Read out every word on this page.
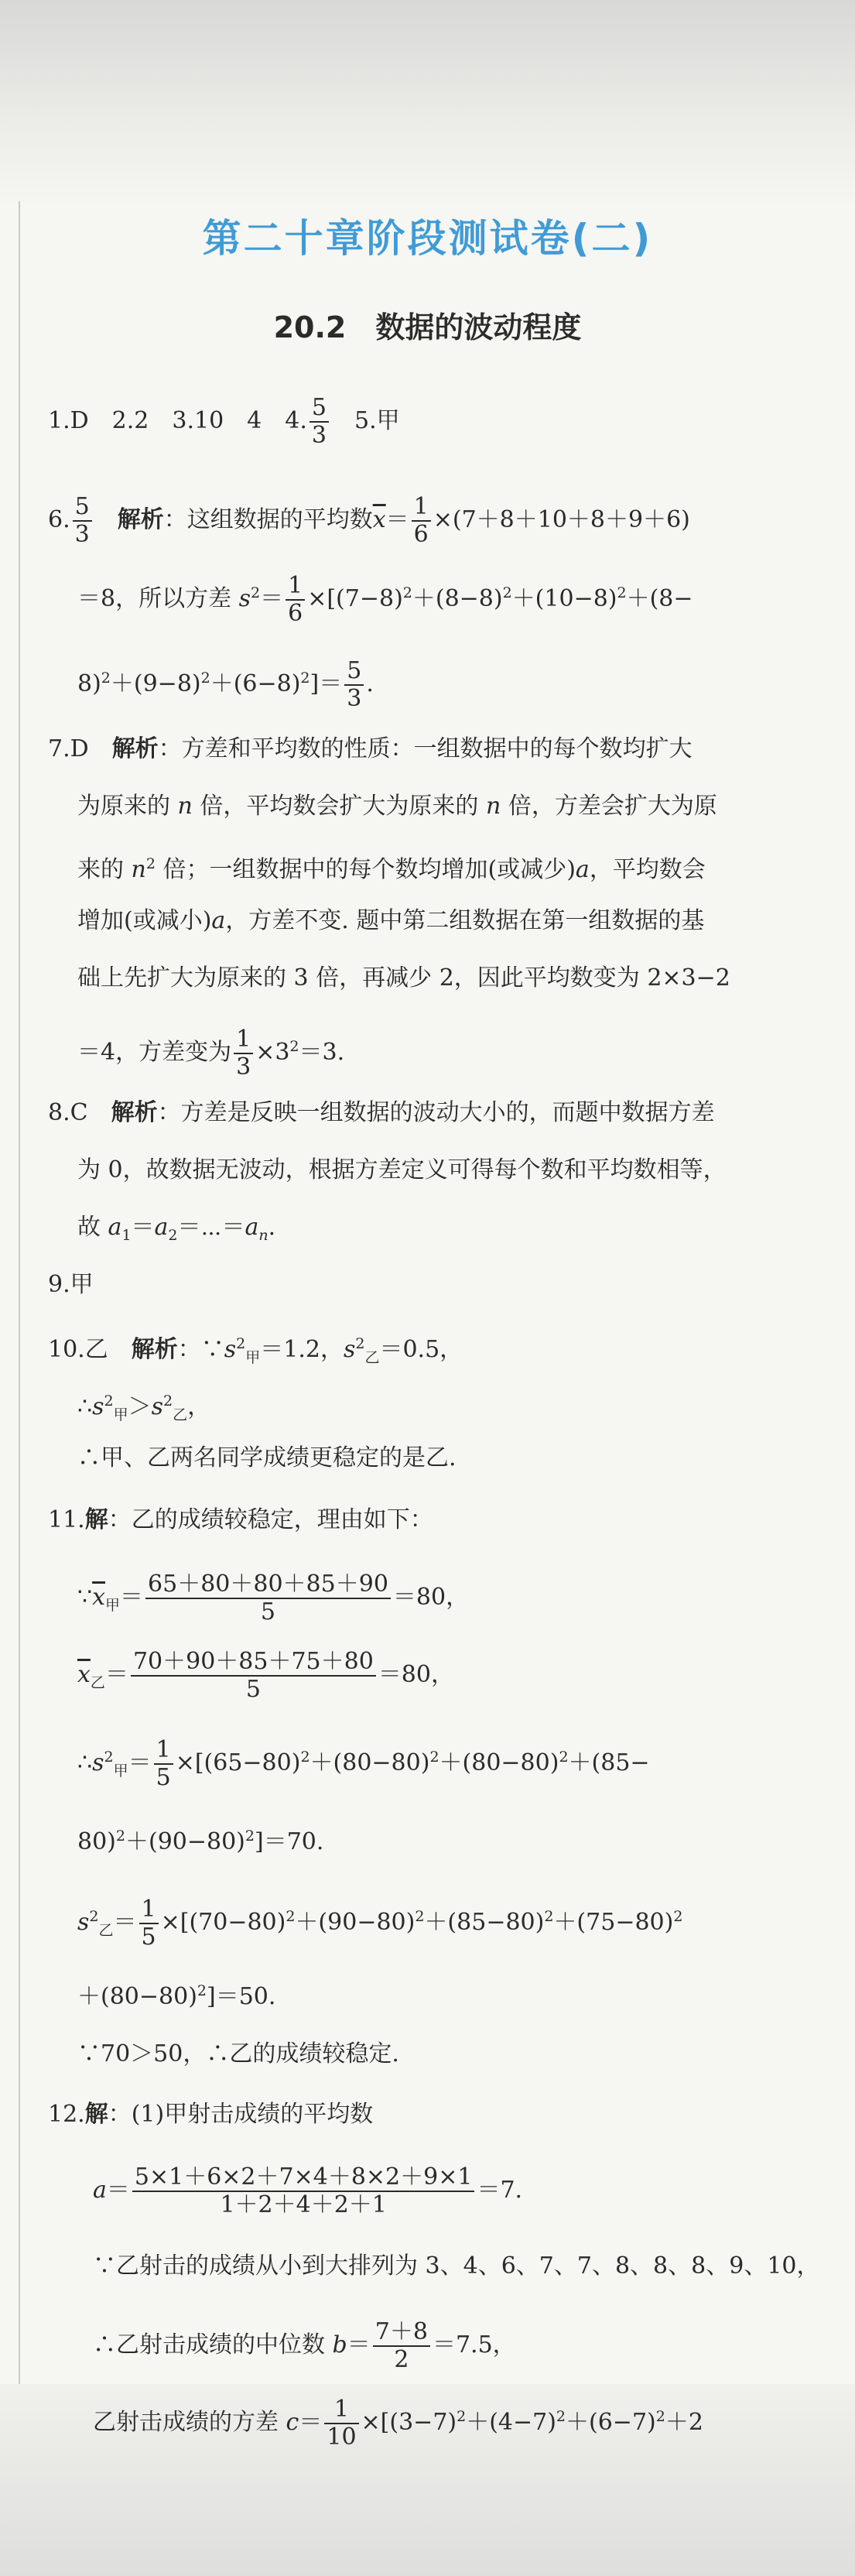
第二十章阶段测试卷(二)
20.2　数据的波动程度
1.D　2.2　3.10　4　4. $\frac{5}{3}$
　 5.甲
6. $\frac{5}{3}$
　 解析：这组数据的平均数$\overline{x}= \frac{1}{6} \times(7+8+10+8+9+6)$
＝8，所以方差 $s^2= \frac{1}{6} \times[(7-8)^2+(8-8)^2+(10-8)^2+(8-$
$8)^2+(9-8)^2+(6-8)^2]= \frac{5}{3}$ .
7.D　 解析：方差和平均数的性质：一组数据中的每个数均扩大
为原来的 n 倍，平均数会扩大为原来的 n 倍，方差会扩大为原
来的 $n^2$ 倍；一组数据中的每个数均增加(或减少)a，平均数会
增加(或减小)a，方差不变. 题中第二组数据在第一组数据的基
础上先扩大为原来的 3 倍，再减少 2，因此平均数变为 2×3−2
＝4，方差变为 $\frac{1}{3} \times 3^2=3$.
8.C　 解析：方差是反映一组数据的波动大小的，而题中数据方差
为 0，故数据无波动，根据方差定义可得每个数和平均数相等，
故 $a_1=a_2=\cdots=a_n$.
9.甲
10.乙　 解析：$\because s^2_甲=1.2$，$s^2_乙=0.5$，
$\therefore s^2_甲>s^2_乙$，
∴甲、乙两名同学成绩更稳定的是乙.
11.解：乙的成绩较稳定，理由如下：
$\because\overline{x}_甲= \frac{65+80+80+85+90}{5} =80$，
$\overline{x}_乙= \frac{70+90+85+75+80}{5} =80$，
$\therefore s^2_甲= \frac{1}{5} \times[(65-80)^2+(80-80)^2+(80-80)^2+(85-$
$80)^2+(90-80)^2]=70$.
$s^2_乙= \frac{1}{5} \times[(70-80)^2+(90-80)^2+(85-80)^2+(75-80)^2$
$+(80-80)^2]=50$.
∵70＞50，∴乙的成绩较稳定.
12.解：(1)甲射击成绩的平均数
$a= \frac{5\times 1+6\times 2+7\times 4+8\times 2+9\times 1}{1+2+4+2+1} =7$.
∵乙射击的成绩从小到大排列为 3、4、6、7、7、8、8、8、9、10，
∴乙射击成绩的中位数 $b= \frac{7+8}{2} =7.5$，
乙射击成绩的方差 $c= \frac{1}{10} \times[(3-7)^2+(4-7)^2+(6-7)^2+2$
